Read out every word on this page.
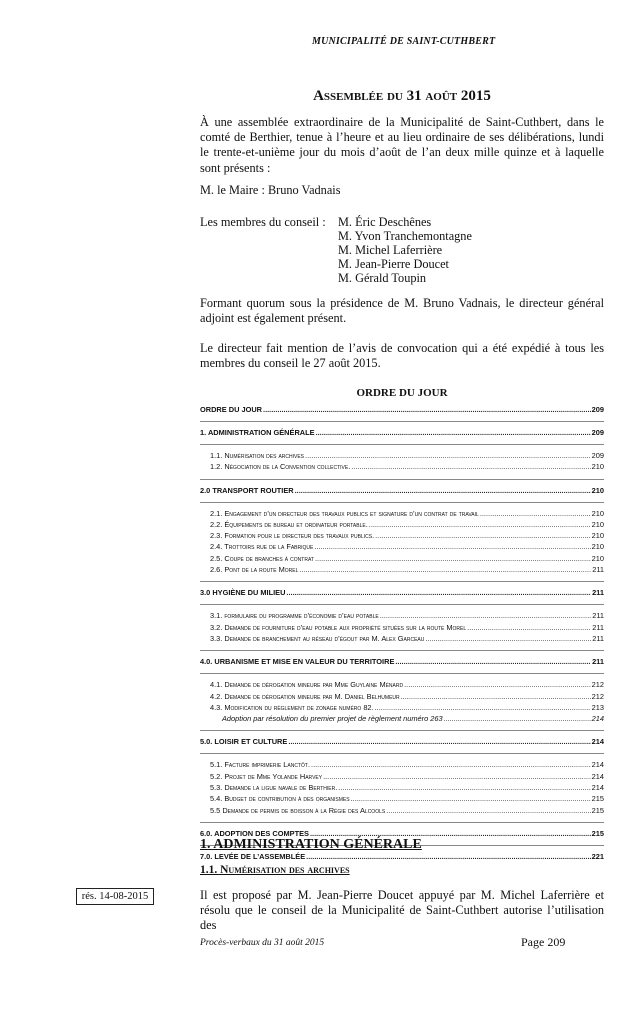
MUNICIPALITÉ DE SAINT-CUTHBERT
Assemblée du 31 août 2015
À une assemblée extraordinaire de la Municipalité de Saint-Cuthbert, dans le comté de Berthier, tenue à l’heure et au lieu ordinaire de ses délibérations, lundi le trente-et-unième jour du mois d’août de l’an deux mille quinze et à laquelle sont présents :
M. le Maire : Bruno Vadnais
Les membres du conseil : M. Éric Deschênes
M. Yvon Tranchemontagne
M. Michel Laferrière
M. Jean-Pierre Doucet
M. Gérald Toupin
Formant quorum sous la présidence de M. Bruno Vadnais, le directeur général adjoint est également présent.
Le directeur fait mention de l’avis de convocation qui a été expédié à tous les membres du conseil le 27 août 2015.
ORDRE DU JOUR
ORDRE DU JOUR .....	209
1. ADMINISTRATION GÉNÉRALE .....	209
1.1. Numérisation des archives .....	209
1.2. Négociation de la Convention collective. .....	210
2.0 TRANSPORT ROUTIER .....	210
2.1. Engagement d’un directeur des travaux publics et signature d’un contrat de travail .....	210
2.2. Équipements de bureau et ordinateur portable. .....	210
2.3. Formation pour le directeur des travaux publics. .....	210
2.4. Trottoirs rue de la Fabrique .....	210
2.5. Coupe de branches à contrat .....	210
2.6. Pont de la route Morel .....	211
3.0 HYGIÈNE DU MILIEU .....	211
3.1. formulaire du programme d’économie d’eau potable .....	211
3.2. Demande de fourniture d’eau potable aux propriété situées sur la route Morel .....	211
3.3. Demande de branchement au réseau d’égout par M. Alex Garceau .....	211
4.0. URBANISME ET MISE EN VALEUR DU TERRITOIRE .....	211
4.1. Demande de dérogation mineure par Mme Guylaine Ménard .....	212
4.2. Demande de dérogation mineure par M. Daniel Belhumeur .....	212
4.3. Modification du règlement de zonage numéro 82. .....	213
Adoption par résolution du premier projet de règlement numéro 263 .....	214
5.0. LOISIR ET CULTURE .....	214
5.1. Facture imprimerie Lanctôt. .....	214
5.2. Projet de Mme Yolande Harvey .....	214
5.3. Demande la ligue navale de Berthier. .....	214
5.4. Budget de contribution à des organismes .....	215
5.5 Demande de permis de boisson à la Régie des Alcools .....	215
6.0. ADOPTION DES COMPTES .....	215
7.0. LEVÉE DE L’ASSEMBLÉE .....	221
1. ADMINISTRATION GÉNÉRALE
1.1. Numérisation des archives
rés. 14-08-2015	Il est proposé par M. Jean-Pierre Doucet appuyé par M. Michel Laferrière et résolu que le conseil de la Municipalité de Saint-Cuthbert autorise l’utilisation des
Procès-verbaux du 31 août 2015	Page 209
